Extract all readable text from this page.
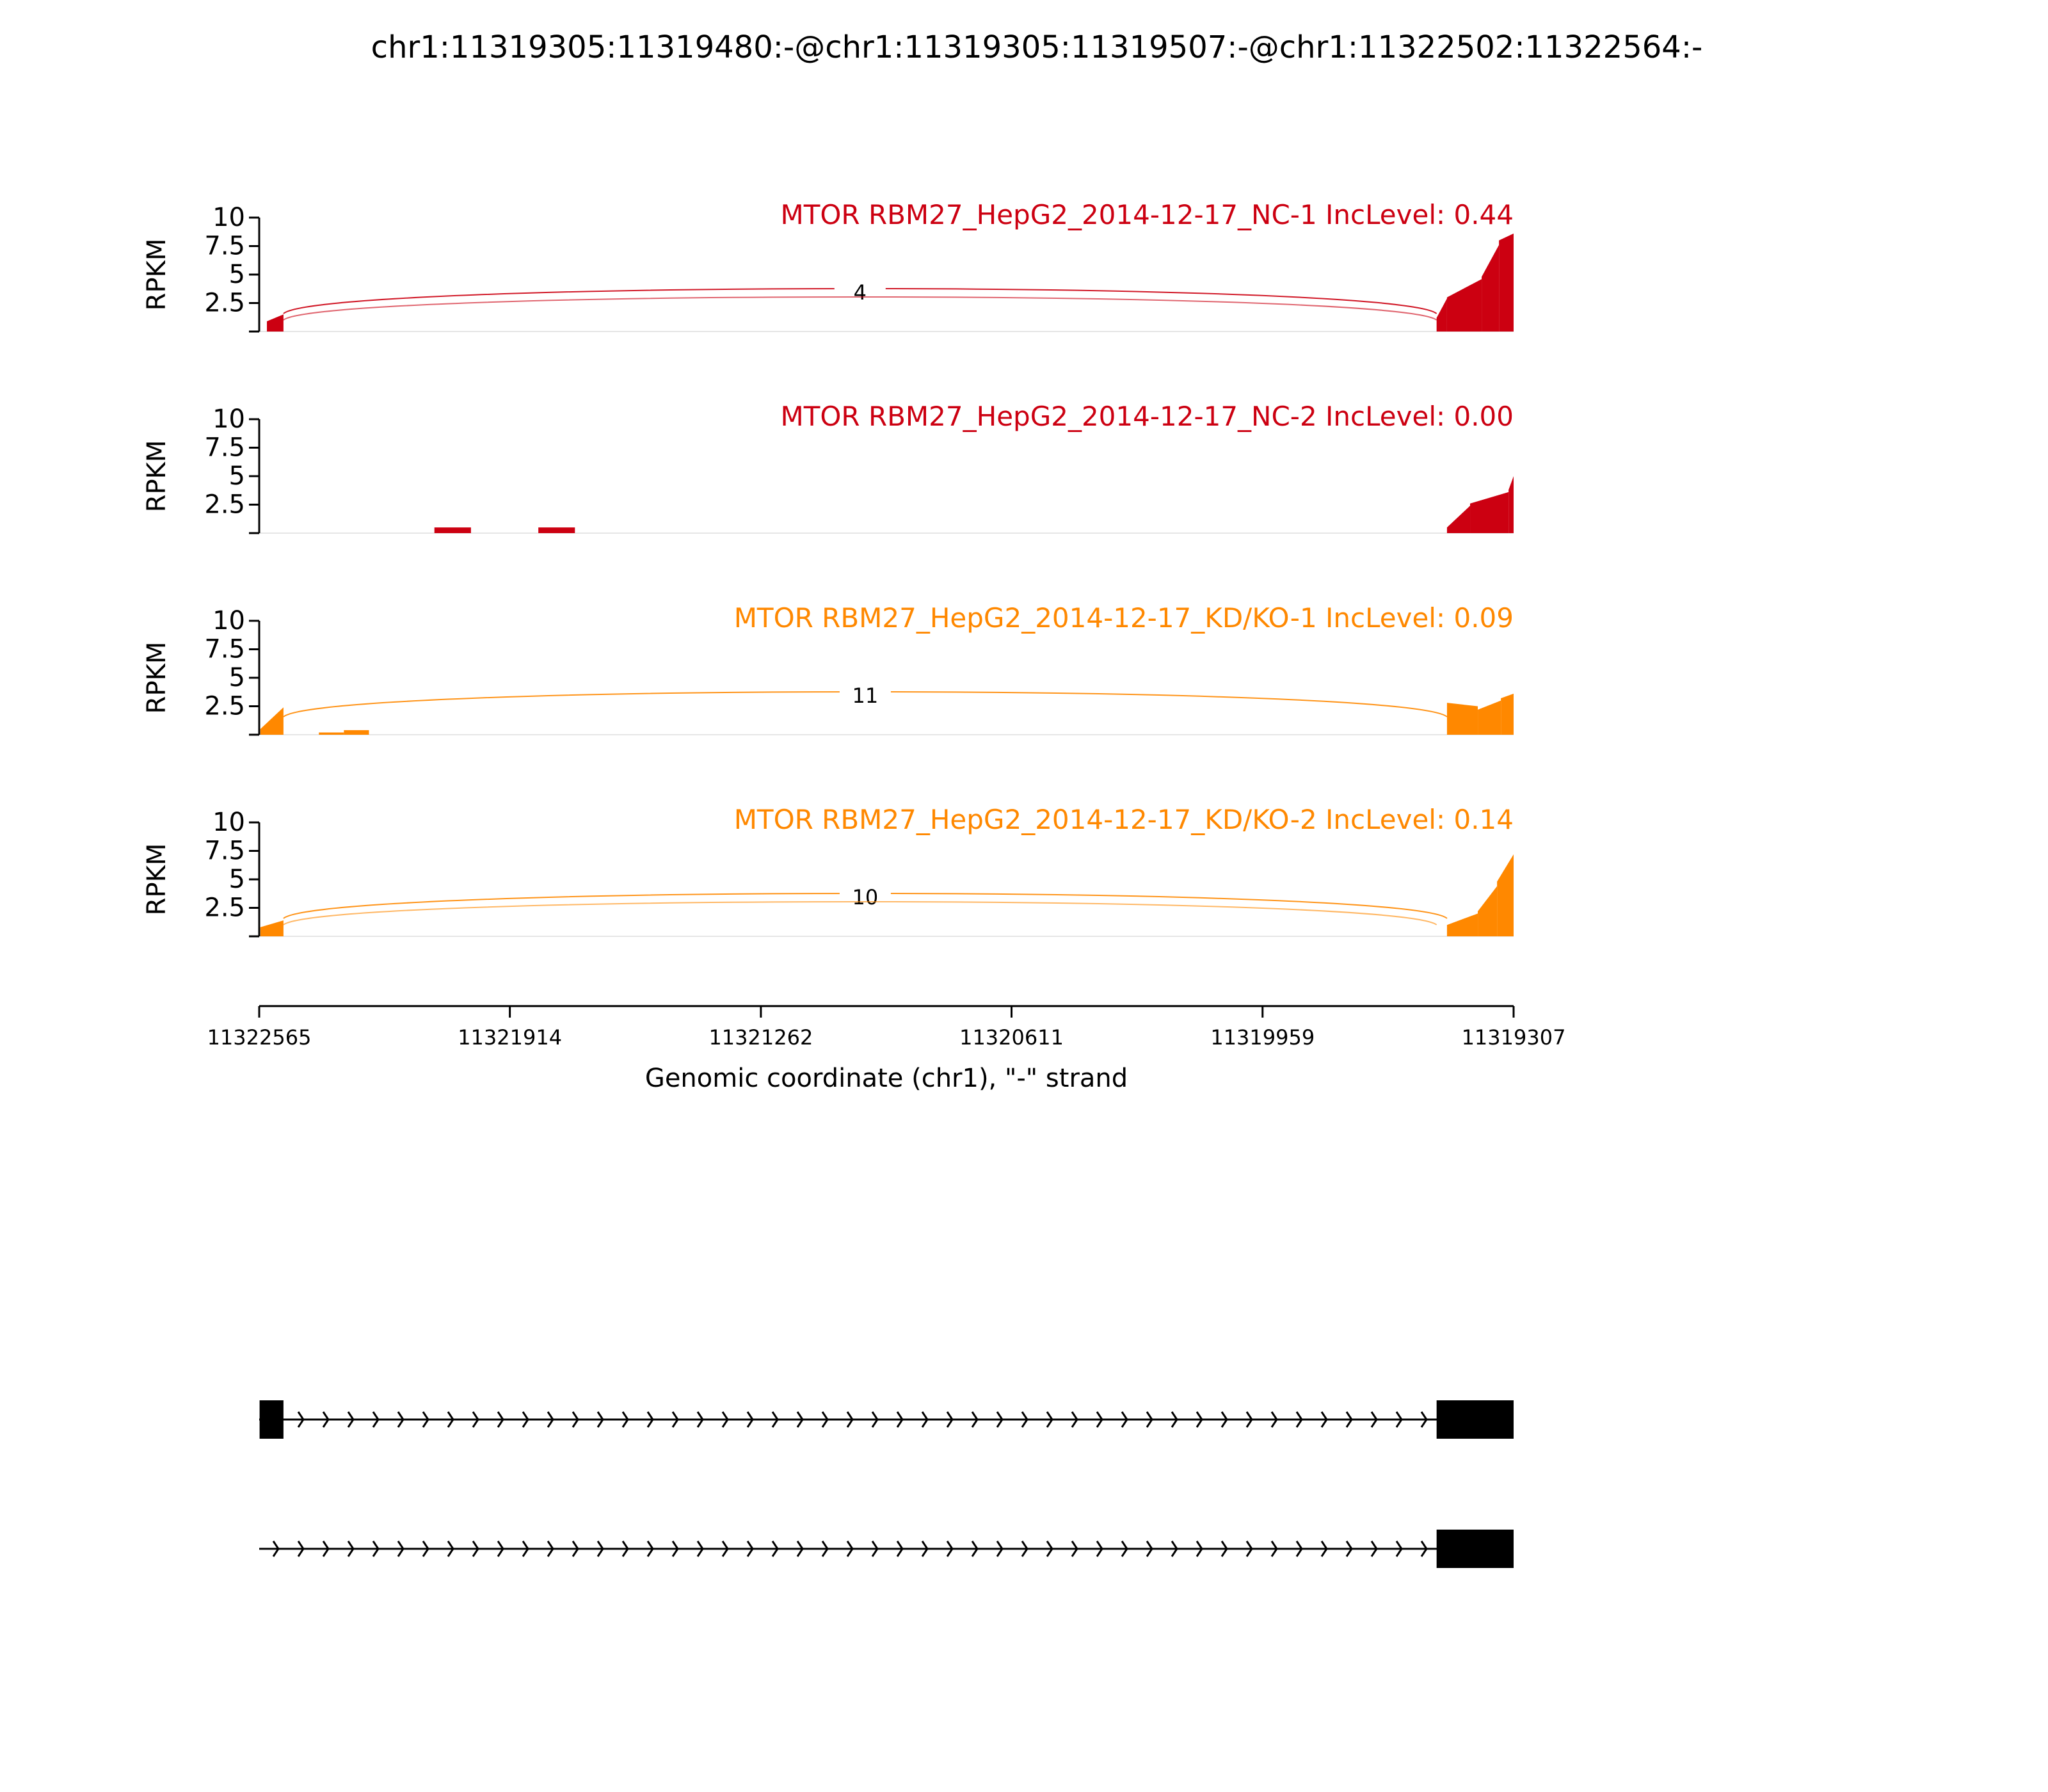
chr1:11319305:11319480:-@chr1:11319305:11319507:-@chr1:11322502:11322564:-
2.5
5
7.5
10
RPKM
MTOR RBM27_HepG2_2014-12-17_NC-1 IncLevel: 0.44
4
2.5
5
7.5
10
RPKM
MTOR RBM27_HepG2_2014-12-17_NC-2 IncLevel: 0.00
2.5
5
7.5
10
RPKM
MTOR RBM27_HepG2_2014-12-17_KD/KO-1 IncLevel: 0.09
11
2.5
5
7.5
10
RPKM
MTOR RBM27_HepG2_2014-12-17_KD/KO-2 IncLevel: 0.14
10
11322565	11321914	11321262	11320611	11319959	11319307
Genomic coordinate (chr1), "-" strand
